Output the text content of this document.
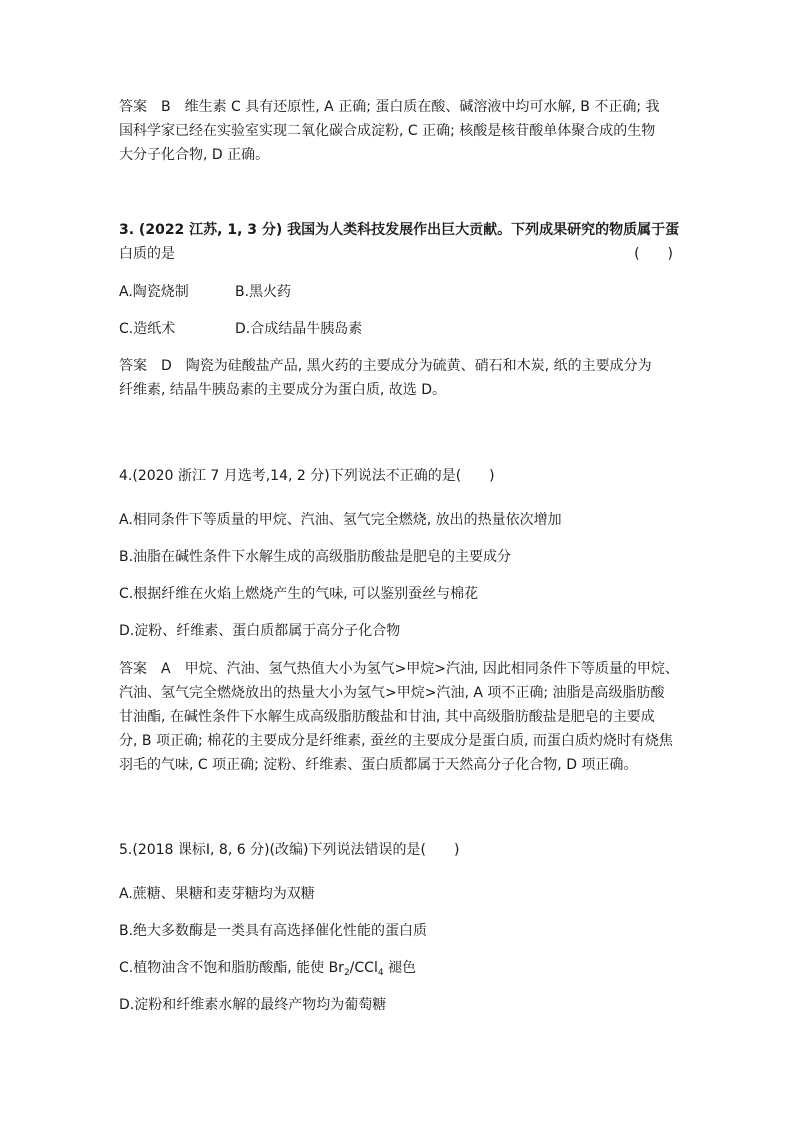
答案　B　维生素 C 具有还原性, A 正确; 蛋白质在酸、碱溶液中均可水解, B 不正确; 我
国科学家已经在实验室实现二氧化碳合成淀粉, C 正确; 核酸是核苷酸单体聚合成的生物
大分子化合物, D 正确。
3. (2022 江苏, 1, 3 分) 我国为人类科技发展作出巨大贡献。下列成果研究的物质属于蛋
白质的是	(　　)
A.陶瓷烧制	B.黑火药
C.造纸术	D.合成结晶牛胰岛素
答案　D　陶瓷为硅酸盐产品, 黑火药的主要成分为硫黄、硝石和木炭, 纸的主要成分为
纤维素, 结晶牛胰岛素的主要成分为蛋白质, 故选 D。
4.(2020 浙江 7 月选考,14, 2 分)下列说法不正确的是(　　)
A.相同条件下等质量的甲烷、汽油、氢气完全燃烧, 放出的热量依次增加
B.油脂在碱性条件下水解生成的高级脂肪酸盐是肥皂的主要成分
C.根据纤维在火焰上燃烧产生的气味, 可以鉴别蚕丝与棉花
D.淀粉、纤维素、蛋白质都属于高分子化合物
答案　A　甲烷、汽油、氢气热值大小为氢气>甲烷>汽油, 因此相同条件下等质量的甲烷、
汽油、氢气完全燃烧放出的热量大小为氢气>甲烷>汽油, A 项不正确; 油脂是高级脂肪酸
甘油酯, 在碱性条件下水解生成高级脂肪酸盐和甘油, 其中高级脂肪酸盐是肥皂的主要成
分, B 项正确; 棉花的主要成分是纤维素, 蚕丝的主要成分是蛋白质, 而蛋白质灼烧时有烧焦
羽毛的气味, C 项正确; 淀粉、纤维素、蛋白质都属于天然高分子化合物, D 项正确。
5.(2018 课标Ⅰ, 8, 6 分)(改编)下列说法错误的是(　　)
A.蔗糖、果糖和麦芽糖均为双糖
B.绝大多数酶是一类具有高选择催化性能的蛋白质
C.植物油含不饱和脂肪酸酯, 能使 $Br_2/CCl_4$ 褪色
D.淀粉和纤维素水解的最终产物均为葡萄糖
